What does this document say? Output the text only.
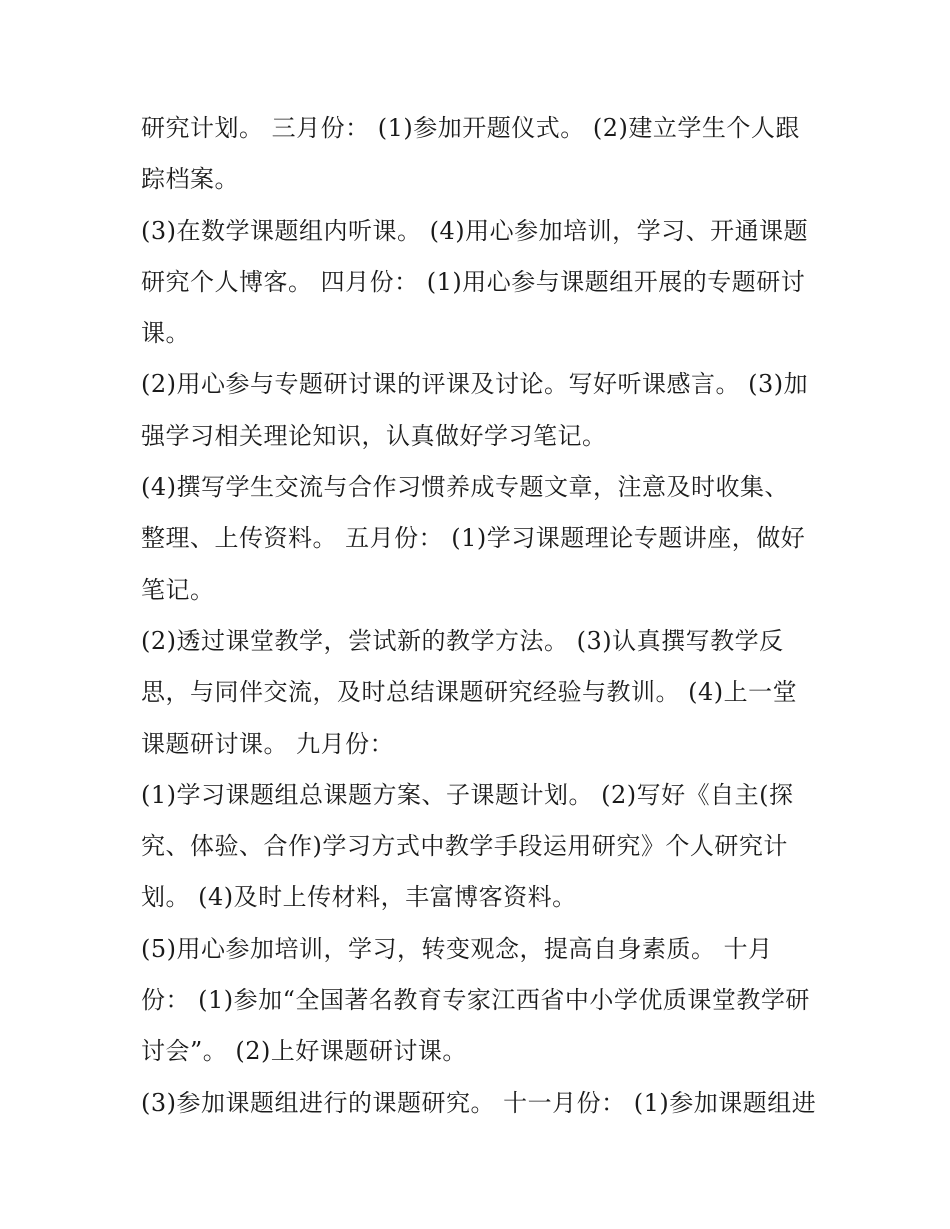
研究计划。 三月份： (1)参加开题仪式。 (2)建立学生个人跟
踪档案。
(3)在数学课题组内听课。 (4)用心参加培训，学习、开通课题
研究个人博客。 四月份： (1)用心参与课题组开展的专题研讨
课。
(2)用心参与专题研讨课的评课及讨论。写好听课感言。 (3)加
强学习相关理论知识，认真做好学习笔记。
(4)撰写学生交流与合作习惯养成专题文章，注意及时收集、
整理、上传资料。 五月份： (1)学习课题理论专题讲座，做好
笔记。
(2)透过课堂教学，尝试新的教学方法。 (3)认真撰写教学反
思，与同伴交流，及时总结课题研究经验与教训。 (4)上一堂
课题研讨课。 九月份：
(1)学习课题组总课题方案、子课题计划。 (2)写好《自主(探
究、体验、合作)学习方式中教学手段运用研究》个人研究计
划。 (4)及时上传材料，丰富博客资料。
(5)用心参加培训，学习，转变观念，提高自身素质。 十月
份： (1)参加“全国著名教育专家江西省中小学优质课堂教学研
讨会”。 (2)上好课题研讨课。
(3)参加课题组进行的课题研究。 十一月份： (1)参加课题组进
